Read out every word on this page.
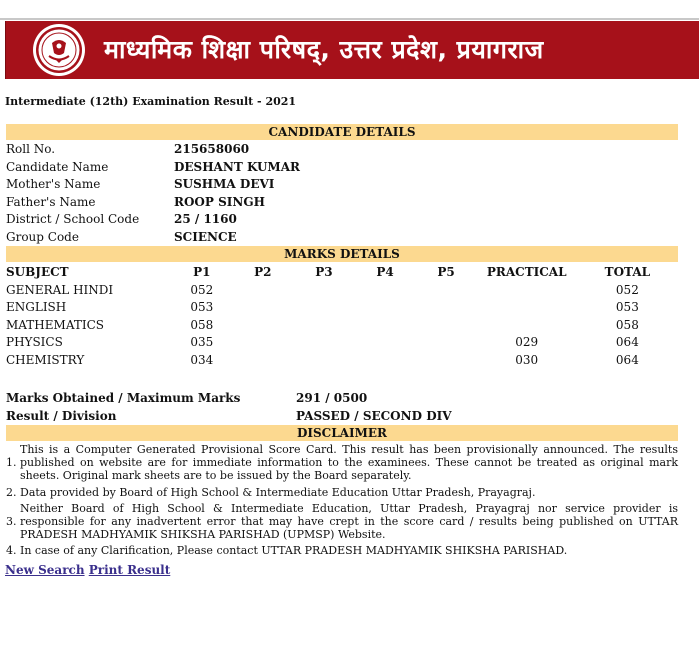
माध्यमिक शिक्षा परिषद्, उत्तर प्रदेश, प्रयागराज
Intermediate (12th) Examination Result - 2021
CANDIDATE DETAILS
Roll No.	215658060
Candidate Name	DESHANT KUMAR
Mother's Name	SUSHMA DEVI
Father's Name	ROOP SINGH
District / School Code	25 / 1160
Group Code	SCIENCE
MARKS DETAILS
SUBJECT	P1	P2	P3	P4	P5	PRACTICAL	TOTAL
GENERAL HINDI	052						052
ENGLISH	053						053
MATHEMATICS	058						058
PHYSICS	035					029	064
CHEMISTRY	034					030	064
Marks Obtained / Maximum Marks	291 / 0500
Result / Division	PASSED / SECOND DIV
DISCLAIMER
1.
This is a Computer Generated Provisional Score Card. This result has been provisionally announced. The results published on website are for immediate information to the examinees. These cannot be treated as original mark sheets. Original mark sheets are to be issued by the Board separately.
2. Data provided by Board of High School & Intermediate Education Uttar Pradesh, Prayagraj.
3.
Neither Board of High School & Intermediate Education, Uttar Pradesh, Prayagraj nor service provider is responsible for any inadvertent error that may have crept in the score card / results being published on UTTAR PRADESH MADHYAMIK SHIKSHA PARISHAD (UPMSP) Website.
4. In case of any Clarification, Please contact UTTAR PRADESH MADHYAMIK SHIKSHA PARISHAD.
New Search Print Result
